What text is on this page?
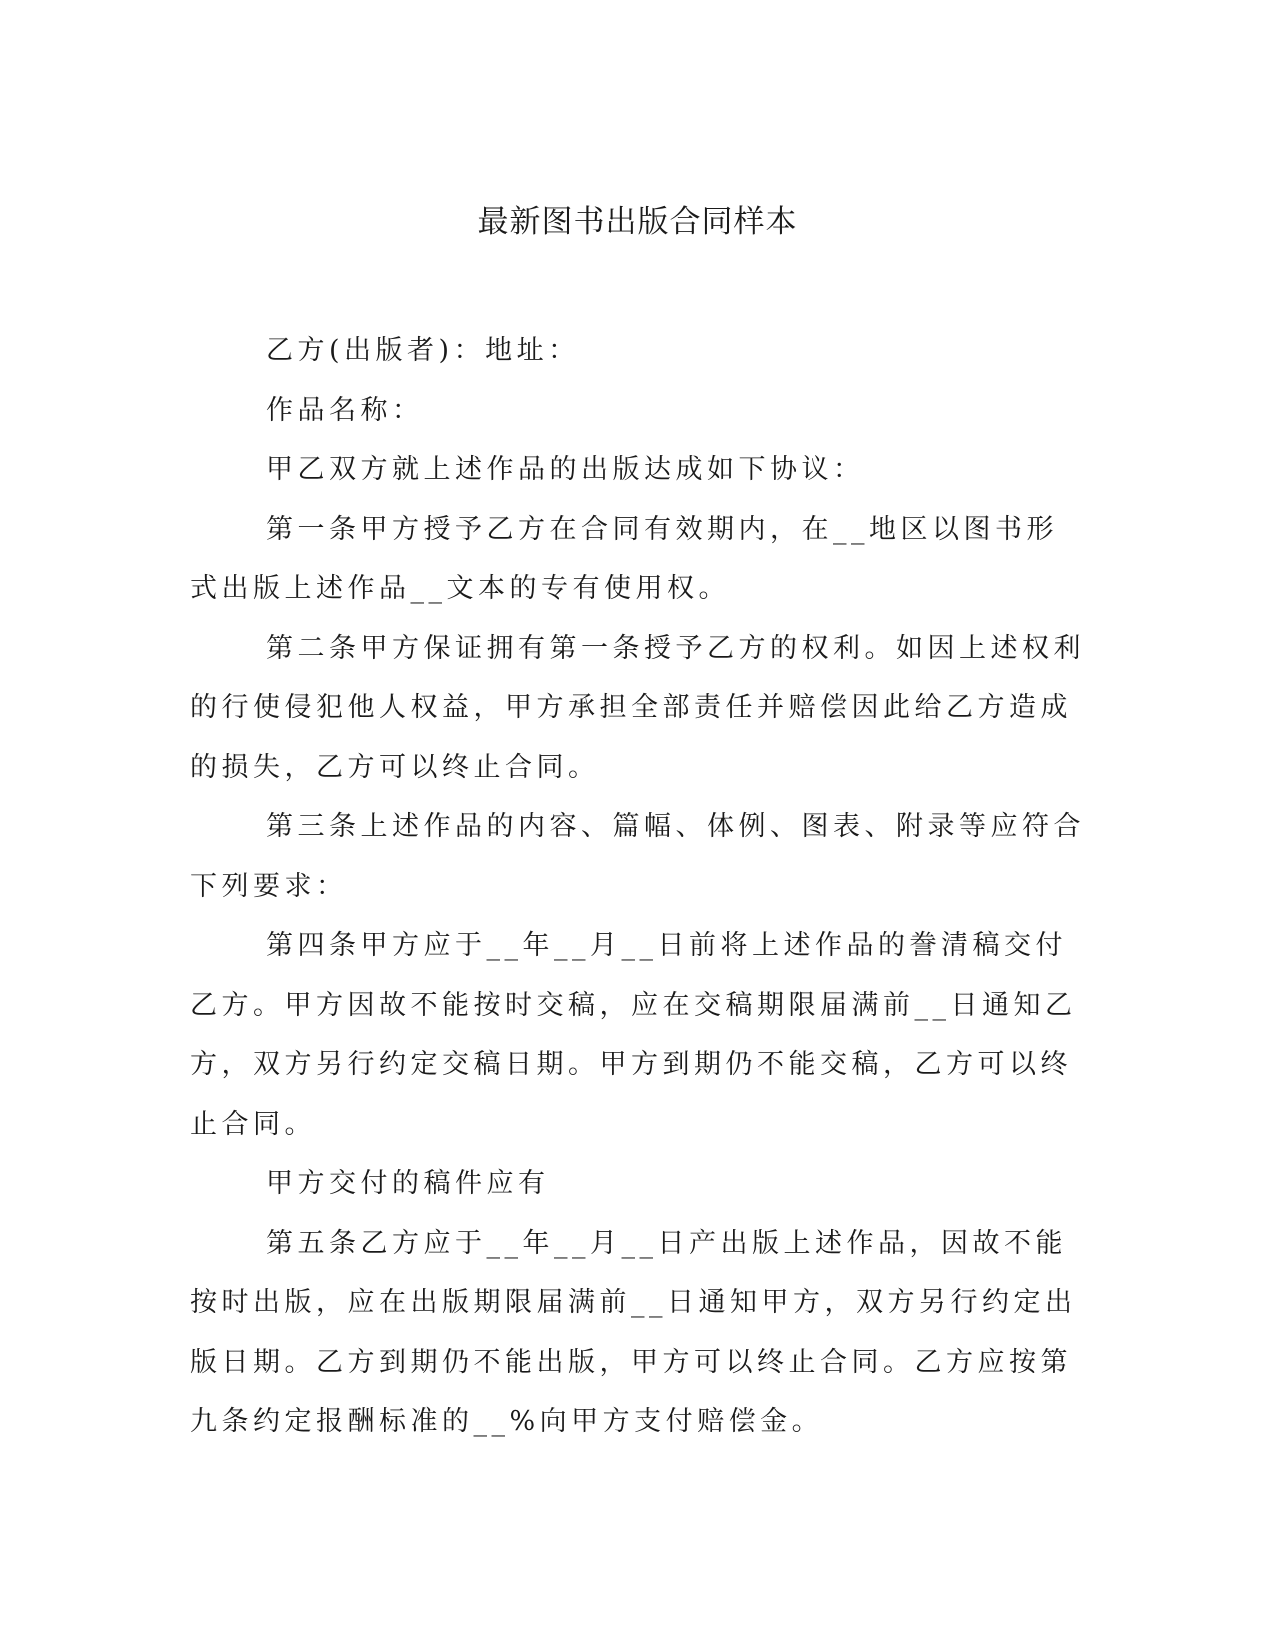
最新图书出版合同样本

乙方(出版者)：地址：

作品名称：

甲乙双方就上述作品的出版达成如下协议：

第一条甲方授予乙方在合同有效期内，在__地区以图书形式出版上述作品__文本的专有使用权。

第二条甲方保证拥有第一条授予乙方的权利。如因上述权利的行使侵犯他人权益，甲方承担全部责任并赔偿因此给乙方造成的损失，乙方可以终止合同。

第三条上述作品的内容、篇幅、体例、图表、附录等应符合下列要求：

第四条甲方应于__年__月__日前将上述作品的誊清稿交付乙方。甲方因故不能按时交稿，应在交稿期限届满前__日通知乙方，双方另行约定交稿日期。甲方到期仍不能交稿，乙方可以终止合同。

甲方交付的稿件应有

第五条乙方应于__年__月__日产出版上述作品，因故不能按时出版，应在出版期限届满前__日通知甲方，双方另行约定出版日期。乙方到期仍不能出版，甲方可以终止合同。乙方应按第九条约定报酬标准的__%向甲方支付赔偿金。
